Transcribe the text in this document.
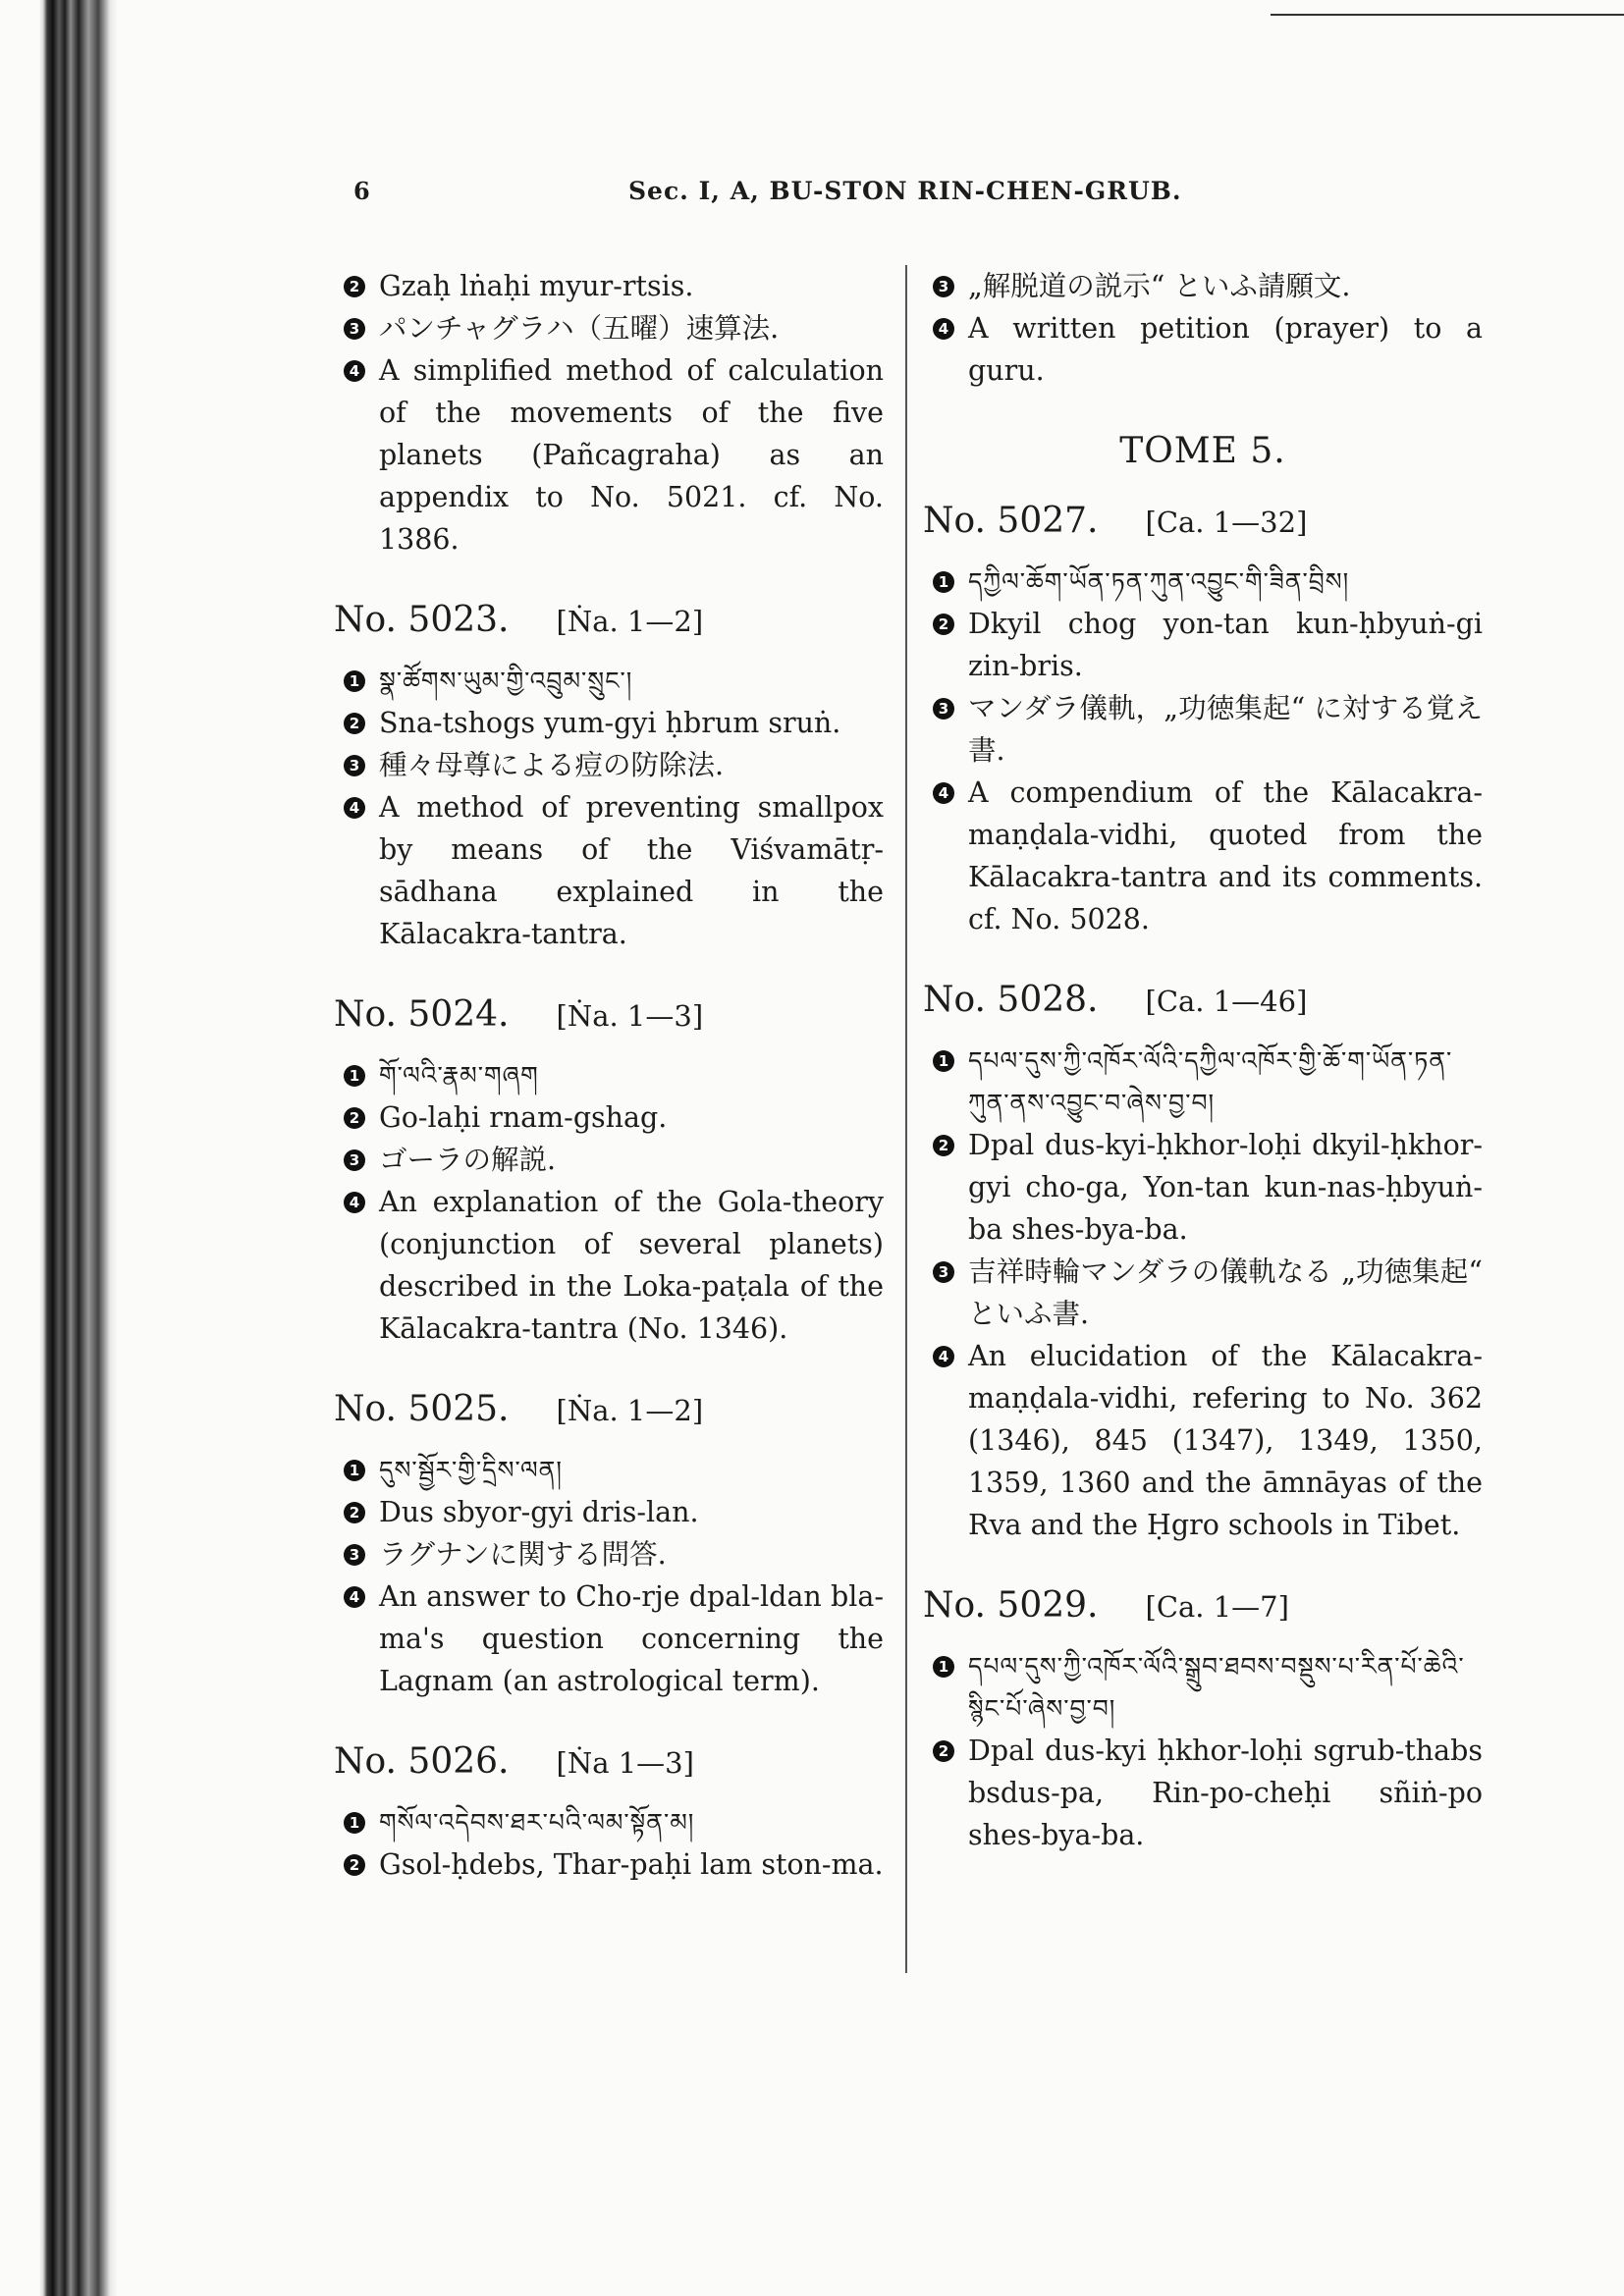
6	Sec. I, A, BU-STON RIN-CHEN-GRUB.
2 Gzaḥ lṅaḥi myur-rtsis.
3 パンチャグラハ（五曜）速算法.
4 A simplified method of calculation of the movements of the five planets (Pañcagraha) as an appendix to No. 5021. cf. No. 1386.
No. 5023. [Ṅa. 1—2]
1 སྣ་ཚོགས་ཡུམ་གྱི་འབྲུམ་སྲུང་།
2 Sna-tshogs yum-gyi ḥbrum sruṅ.
3 種々母尊による痘の防除法.
4 A method of preventing smallpox by means of the Viśvamātṛ-sādhana explained in the Kālacakra-tantra.
No. 5024. [Ṅa. 1—3]
1 གོ་ལའི་རྣམ་གཞག
2 Go-laḥi rnam-gshag.
3 ゴーラの解説.
4 An explanation of the Gola-theory (conjunction of several planets) described in the Loka-paṭala of the Kālacakra-tantra (No. 1346).
No. 5025. [Ṅa. 1—2]
1 དུས་སྦྱོར་གྱི་དྲིས་ལན།
2 Dus sbyor-gyi dris-lan.
3 ラグナンに関する問答.
4 An answer to Cho-rje dpal-ldan bla-ma's question concerning the Lagnam (an astrological term).
No. 5026. [Ṅa 1—3]
1 གསོལ་འདེབས་ཐར་པའི་ལམ་སྟོན་མ།
2 Gsol-ḥdebs, Thar-paḥi lam ston-ma.
3 „解脱道の説示“ といふ請願文.
4 A written petition (prayer) to a guru.
TOME 5.
No. 5027. [Ca. 1—32]
1 དཀྱིལ་ཆོག་ཡོན་ཏན་ཀུན་འབྱུང་གི་ཟིན་བྲིས།
2 Dkyil chog yon-tan kun-ḥbyuṅ-gi zin-bris.
3 マンダラ儀軌，„功徳集起“ に対する覚え書.
4 A compendium of the Kālacakra-maṇḍala-vidhi, quoted from the Kālacakra-tantra and its comments. cf. No. 5028.
No. 5028. [Ca. 1—46]
1 དཔལ་དུས་ཀྱི་འཁོར་ལོའི་དཀྱིལ་འཁོར་གྱི་ཆོ་ག་ཡོན་ཏན་ཀུན་ནས་འབྱུང་བ་ཞེས་བྱ་བ།
2 Dpal dus-kyi-ḥkhor-loḥi dkyil-ḥkhor-gyi cho-ga, Yon-tan kun-nas-ḥbyuṅ-ba shes-bya-ba.
3 吉祥時輪マンダラの儀軌なる „功徳集起“ といふ書.
4 An elucidation of the Kālacakra-maṇḍala-vidhi, refering to No. 362 (1346), 845 (1347), 1349, 1350, 1359, 1360 and the āmnāyas of the Rva and the Ḥgro schools in Tibet.
No. 5029. [Ca. 1—7]
1 དཔལ་དུས་ཀྱི་འཁོར་ལོའི་སྒྲུབ་ཐབས་བསྡུས་པ་རིན་པོ་ཆེའི་སྙིང་པོ་ཞེས་བྱ་བ།
2 Dpal dus-kyi ḥkhor-loḥi sgrub-thabs bsdus-pa, Rin-po-cheḥi sñiṅ-po shes-bya-ba.
